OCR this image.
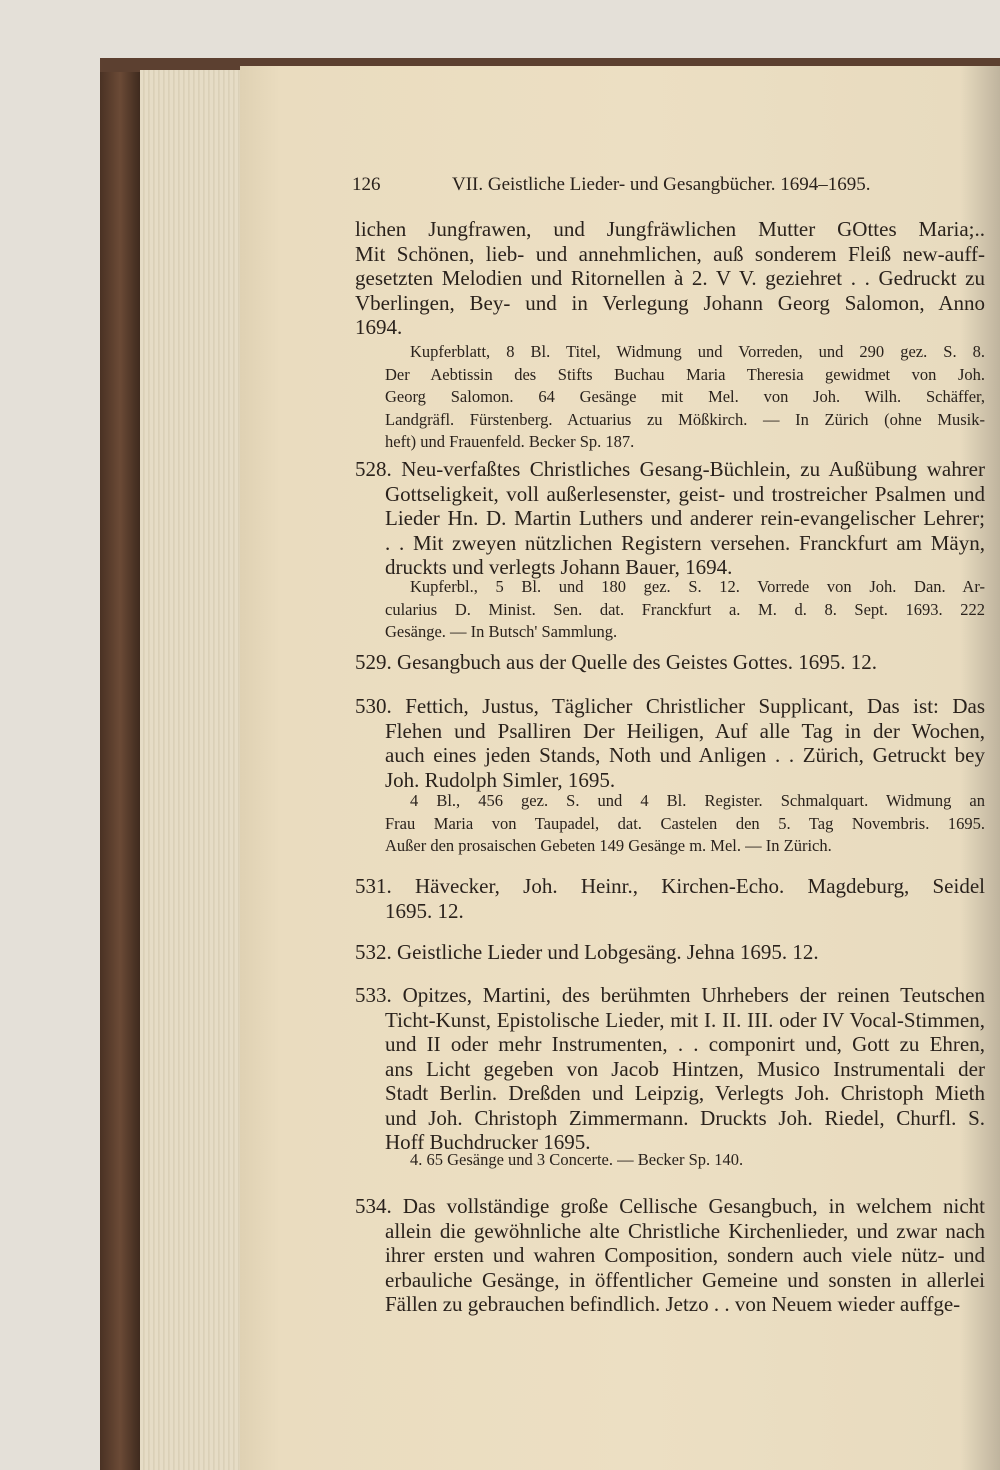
126	VII. Geistliche Lieder- und Gesangbücher. 1694–1695.
lichen Jungfrawen, und Jungfräwlichen Mutter GOttes Maria;..
Mit Schönen, lieb- und annehmlichen, auß sonderem Fleiß new-auff-
gesetzten Melodien und Ritornellen à 2. V V. geziehret . . Gedruckt zu
Vberlingen, Bey- und in Verlegung Johann Georg Salomon, Anno
1694.
Kupferblatt, 8 Bl. Titel, Widmung und Vorreden, und 290 gez. S. 8.
Der Aebtissin des Stifts Buchau Maria Theresia gewidmet von Joh.
Georg Salomon. 64 Gesänge mit Mel. von Joh. Wilh. Schäffer,
Landgräfl. Fürstenberg. Actuarius zu Mößkirch. — In Zürich (ohne Musik-
heft) und Frauenfeld. Becker Sp. 187.
528. Neu-verfaßtes Christliches Gesang-Büchlein, zu Außübung wahrer
Gottseligkeit, voll außerlesenster, geist- und trostreicher Psalmen und
Lieder Hn. D. Martin Luthers und anderer rein-evangelischer Lehrer;
. . Mit zweyen nützlichen Registern versehen. Franckfurt am Mäyn,
druckts und verlegts Johann Bauer, 1694.
Kupferbl., 5 Bl. und 180 gez. S. 12. Vorrede von Joh. Dan. Ar-
cularius D. Minist. Sen. dat. Franckfurt a. M. d. 8. Sept. 1693. 222
Gesänge. — In Butsch' Sammlung.
529. Gesangbuch aus der Quelle des Geistes Gottes. 1695. 12.
530. Fettich, Justus, Täglicher Christlicher Supplicant, Das ist: Das
Flehen und Psalliren Der Heiligen, Auf alle Tag in der Wochen,
auch eines jeden Stands, Noth und Anligen . . Zürich, Getruckt bey
Joh. Rudolph Simler, 1695.
4 Bl., 456 gez. S. und 4 Bl. Register. Schmalquart. Widmung an
Frau Maria von Taupadel, dat. Castelen den 5. Tag Novembris. 1695.
Außer den prosaischen Gebeten 149 Gesänge m. Mel. — In Zürich.
531. Hävecker, Joh. Heinr., Kirchen-Echo. Magdeburg, Seidel
1695. 12.
532. Geistliche Lieder und Lobgesäng. Jehna 1695. 12.
533. Opitzes, Martini, des berühmten Uhrhebers der reinen Teutschen
Ticht-Kunst, Epistolische Lieder, mit I. II. III. oder IV Vocal-Stimmen,
und II oder mehr Instrumenten, . . componirt und, Gott zu Ehren,
ans Licht gegeben von Jacob Hintzen, Musico Instrumentali der
Stadt Berlin. Dreßden und Leipzig, Verlegts Joh. Christoph Mieth
und Joh. Christoph Zimmermann. Druckts Joh. Riedel, Churfl. S.
Hoff Buchdrucker 1695.
4. 65 Gesänge und 3 Concerte. — Becker Sp. 140.
534. Das vollständige große Cellische Gesangbuch, in welchem nicht
allein die gewöhnliche alte Christliche Kirchenlieder, und zwar nach
ihrer ersten und wahren Composition, sondern auch viele nütz- und
erbauliche Gesänge, in öffentlicher Gemeine und sonsten in allerlei
Fällen zu gebrauchen befindlich. Jetzo . . von Neuem wieder auffge-
